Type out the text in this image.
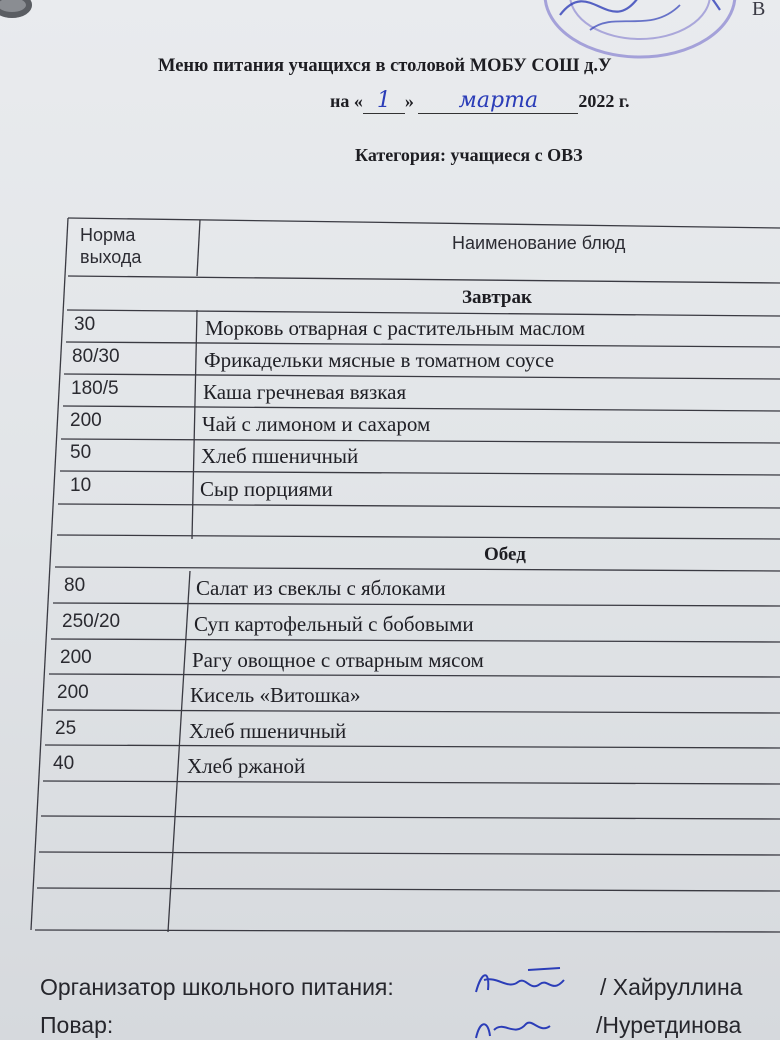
В
Меню питания учащихся в столовой МОБУ СОШ д.У
на « 1 » марта 2022 г.
Категория: учащиеся с ОВЗ
Норма
выхода
Наименование блюд
Завтрак
30	Морковь отварная с растительным маслом
80/30	Фрикадельки мясные в томатном соусе
180/5	Каша гречневая вязкая
200	Чай с лимоном и сахаром
50	Хлеб пшеничный
10	Сыр порциями
Обед
80	Салат из свеклы с яблоками
250/20	Суп картофельный с бобовыми
200	Рагу овощное с отварным мясом
200	Кисель «Витошка»
25	Хлеб пшеничный
40	Хлеб ржаной
Организатор школьного питания:	/ Хайруллина
Повар:	/Нуретдинова
